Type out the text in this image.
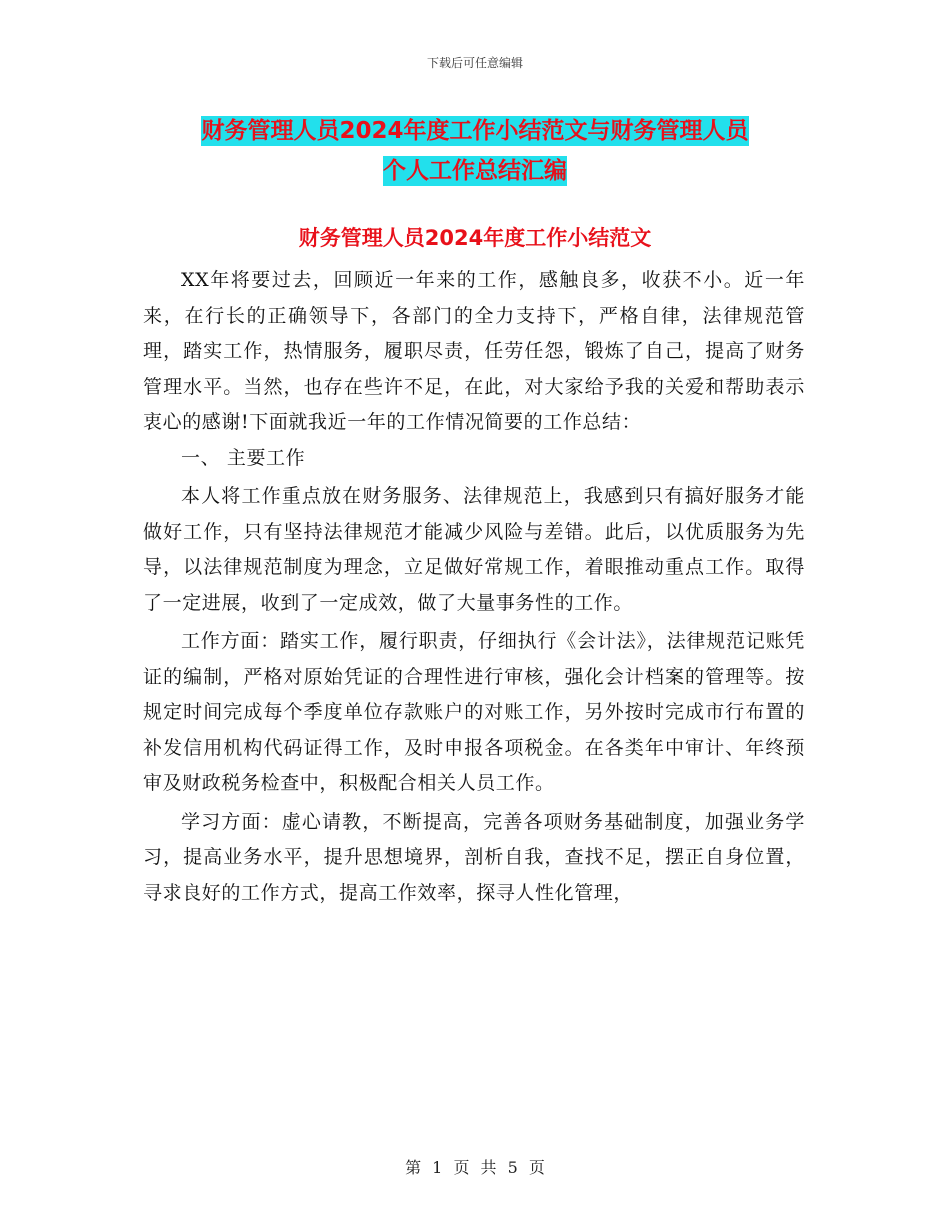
下载后可任意编辑
财务管理人员2024年度工作小结范文与财务管理人员
个人工作总结汇编
财务管理人员2024年度工作小结范文

XX年将要过去，回顾近一年来的工作，感触良多，收获不小。近一年来，在行长的正确领导下，各部门的全力支持下，严格自律，法律规范管理，踏实工作，热情服务，履职尽责，任劳任怨，锻炼了自己，提高了财务管理水平。当然，也存在些许不足，在此，对大家给予我的关爱和帮助表示衷心的感谢!下面就我近一年的工作情况简要的工作总结：

一、 主要工作

本人将工作重点放在财务服务、法律规范上，我感到只有搞好服务才能做好工作，只有坚持法律规范才能减少风险与差错。此后，以优质服务为先导，以法律规范制度为理念，立足做好常规工作，着眼推动重点工作。取得了一定进展，收到了一定成效，做了大量事务性的工作。

工作方面：踏实工作，履行职责，仔细执行《会计法》，法律规范记账凭证的编制，严格对原始凭证的合理性进行审核，强化会计档案的管理等。按规定时间完成每个季度单位存款账户的对账工作，另外按时完成市行布置的补发信用机构代码证得工作，及时申报各项税金。在各类年中审计、年终预审及财政税务检查中，积极配合相关人员工作。

学习方面：虚心请教，不断提高，完善各项财务基础制度，加强业务学习，提高业务水平，提升思想境界，剖析自我，查找不足，摆正自身位置，寻求良好的工作方式，提高工作效率，探寻人性化管理，

第 1 页 共 5 页
